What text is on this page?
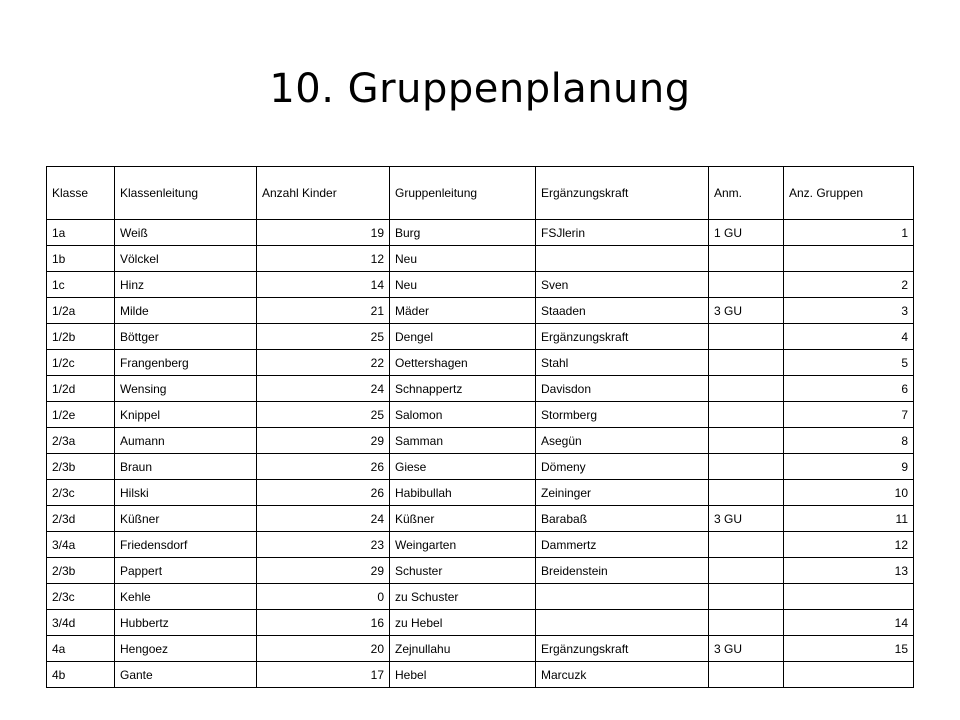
10. Gruppenplanung
Klasse	Klassenleitung	Anzahl Kinder	Gruppenleitung	Ergänzungskraft	Anm.	Anz. Gruppen
1a	Weiß	19	Burg	FSJlerin	1 GU	1
1b	Völckel	12	Neu			
1c	Hinz	14	Neu	Sven		2
1/2a	Milde	21	Mäder	Staaden	3 GU	3
1/2b	Böttger	25	Dengel	Ergänzungskraft		4
1/2c	Frangenberg	22	Oettershagen	Stahl		5
1/2d	Wensing	24	Schnappertz	Davisdon		6
1/2e	Knippel	25	Salomon	Stormberg		7
2/3a	Aumann	29	Samman	Asegün		8
2/3b	Braun	26	Giese	Dömeny		9
2/3c	Hilski	26	Habibullah	Zeininger		10
2/3d	Küßner	24	Küßner	Barabaß	3 GU	11
3/4a	Friedensdorf	23	Weingarten	Dammertz		12
2/3b	Pappert	29	Schuster	Breidenstein		13
2/3c	Kehle	0	zu Schuster			
3/4d	Hubbertz	16	zu Hebel			14
4a	Hengoez	20	Zejnullahu	Ergänzungskraft	3 GU	15
4b	Gante	17	Hebel	Marcuzk		
